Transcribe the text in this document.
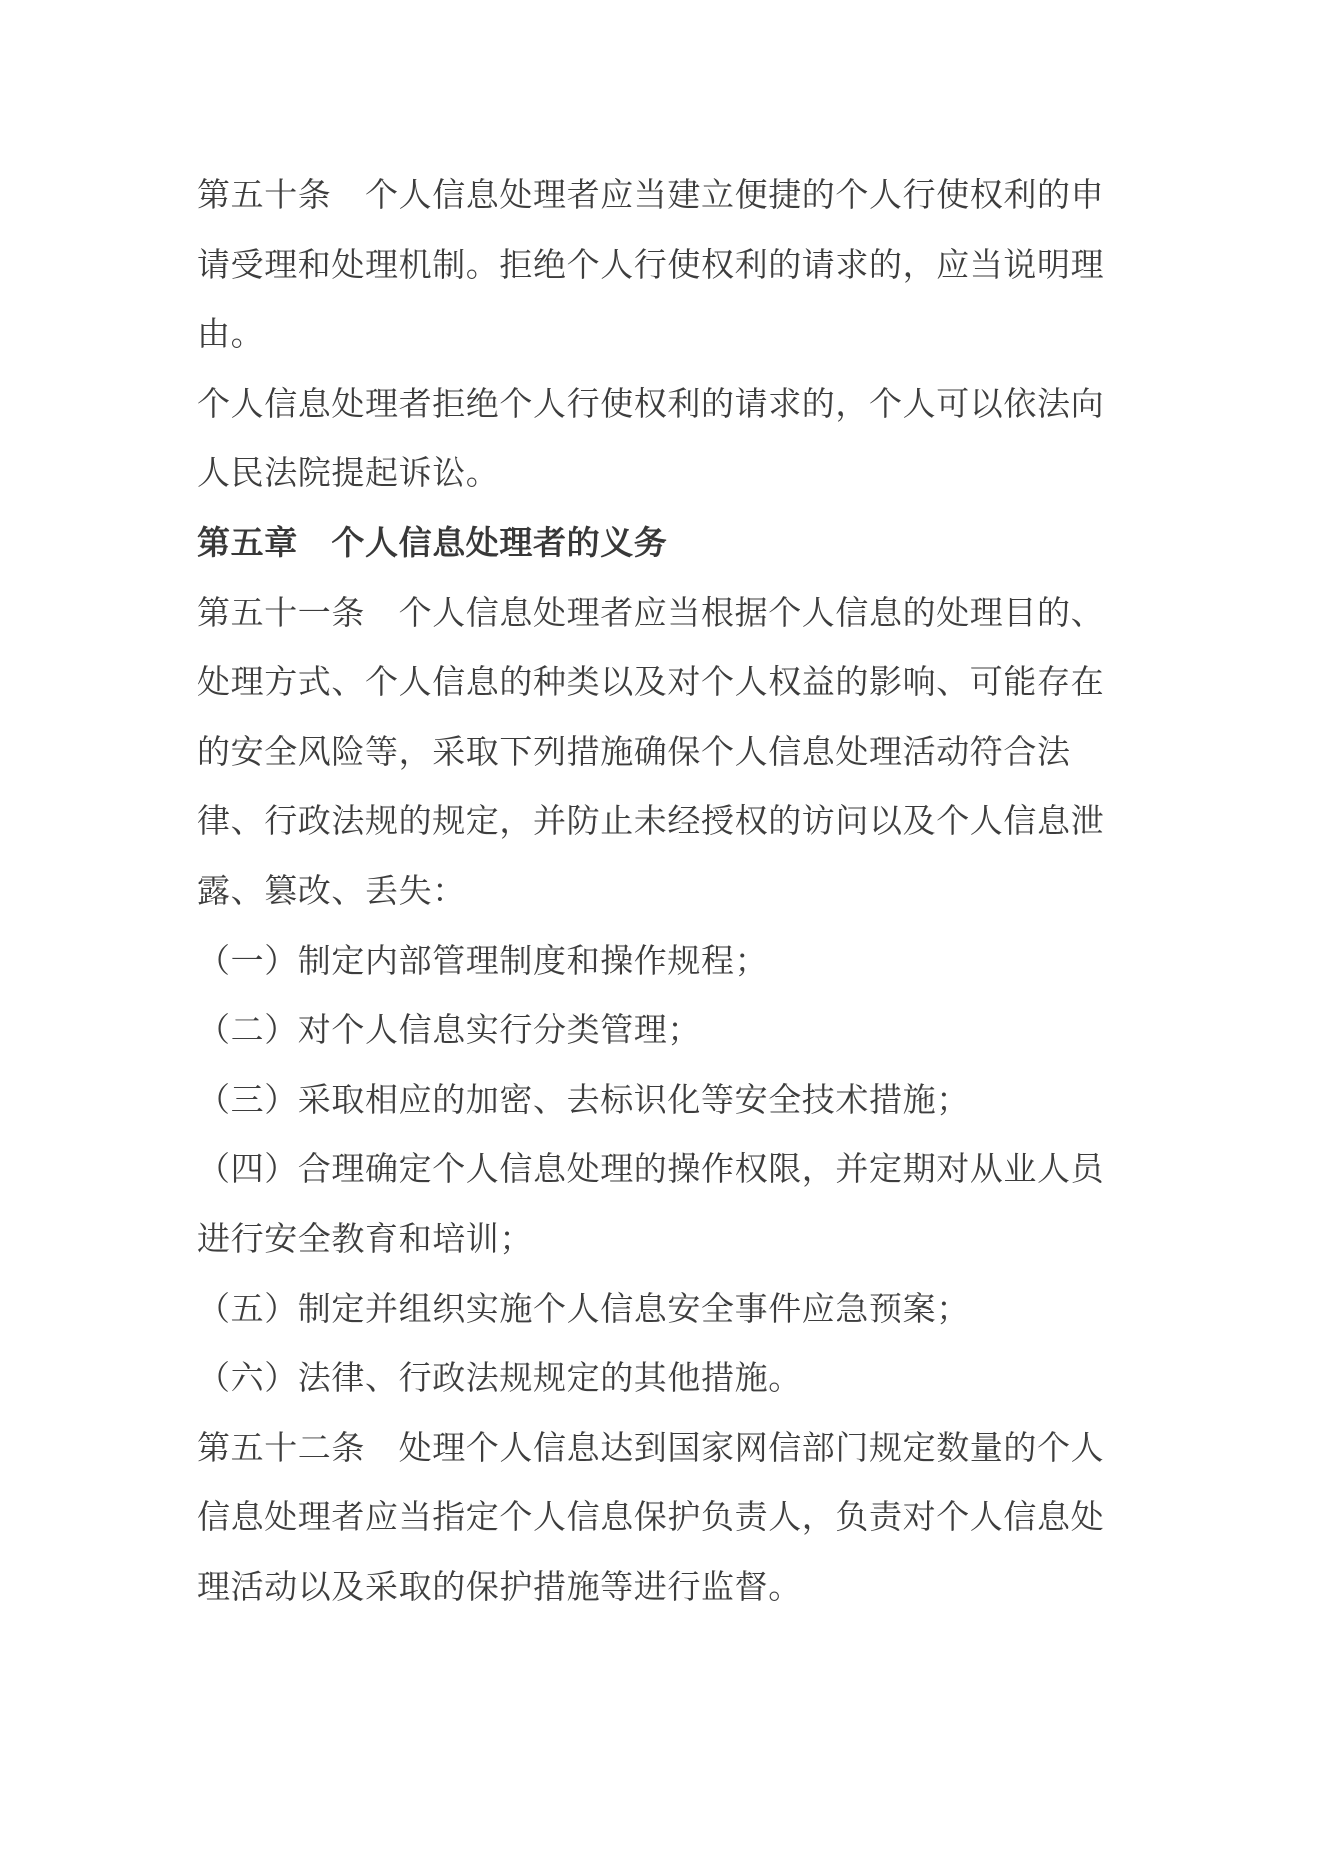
第五十条　个人信息处理者应当建立便捷的个人行使权利的申
请受理和处理机制。拒绝个人行使权利的请求的，应当说明理
由。
个人信息处理者拒绝个人行使权利的请求的，个人可以依法向
人民法院提起诉讼。
第五章　个人信息处理者的义务
第五十一条　个人信息处理者应当根据个人信息的处理目的、
处理方式、个人信息的种类以及对个人权益的影响、可能存在
的安全风险等，采取下列措施确保个人信息处理活动符合法
律、行政法规的规定，并防止未经授权的访问以及个人信息泄
露、篡改、丢失：
（一）制定内部管理制度和操作规程；
（二）对个人信息实行分类管理；
（三）采取相应的加密、去标识化等安全技术措施；
（四）合理确定个人信息处理的操作权限，并定期对从业人员
进行安全教育和培训；
（五）制定并组织实施个人信息安全事件应急预案；
（六）法律、行政法规规定的其他措施。
第五十二条　处理个人信息达到国家网信部门规定数量的个人
信息处理者应当指定个人信息保护负责人，负责对个人信息处
理活动以及采取的保护措施等进行监督。
